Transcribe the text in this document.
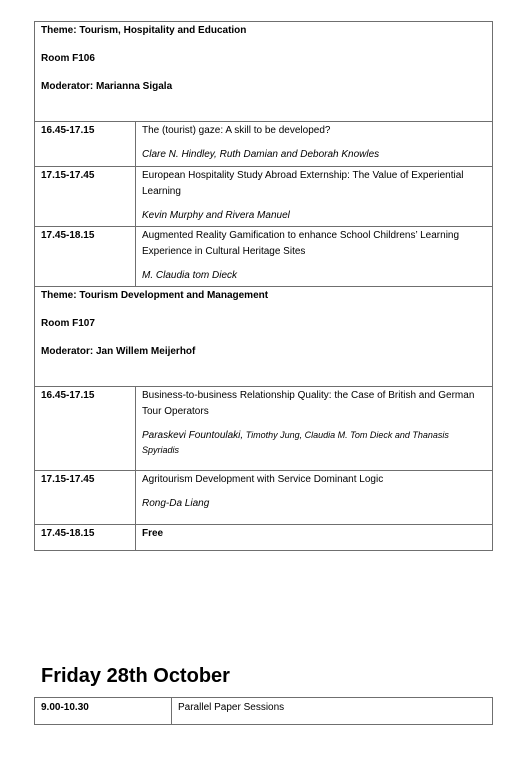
Theme: Tourism, Hospitality and Education

Room F106

Moderator: Marianna Sigala	

16.45-17.15	The (tourist) gaze: A skill to be developed?

Clare N. Hindley, Ruth Damian and Deborah Knowles

17.15-17.45	European Hospitality Study Abroad Externship: The Value of Experiential Learning

Kevin Murphy and Rivera Manuel

17.45-18.15	Augmented Reality Gamification to enhance School Childrens’ Learning Experience in Cultural Heritage Sites

M. Claudia tom Dieck

Theme: Tourism Development and Management

Room F107

Moderator: Jan Willem Meijerhof	

16.45-17.15	Business-to-business Relationship Quality: the Case of British and German Tour Operators

Paraskevi Fountoulaki, Timothy Jung, Claudia M. Tom Dieck and Thanasis Spyriadis

17.15-17.45	Agritourism Development with Service Dominant Logic

Rong-Da Liang

17.45-18.15	Free

Friday 28th October
9.00-10.30	Parallel Paper Sessions
